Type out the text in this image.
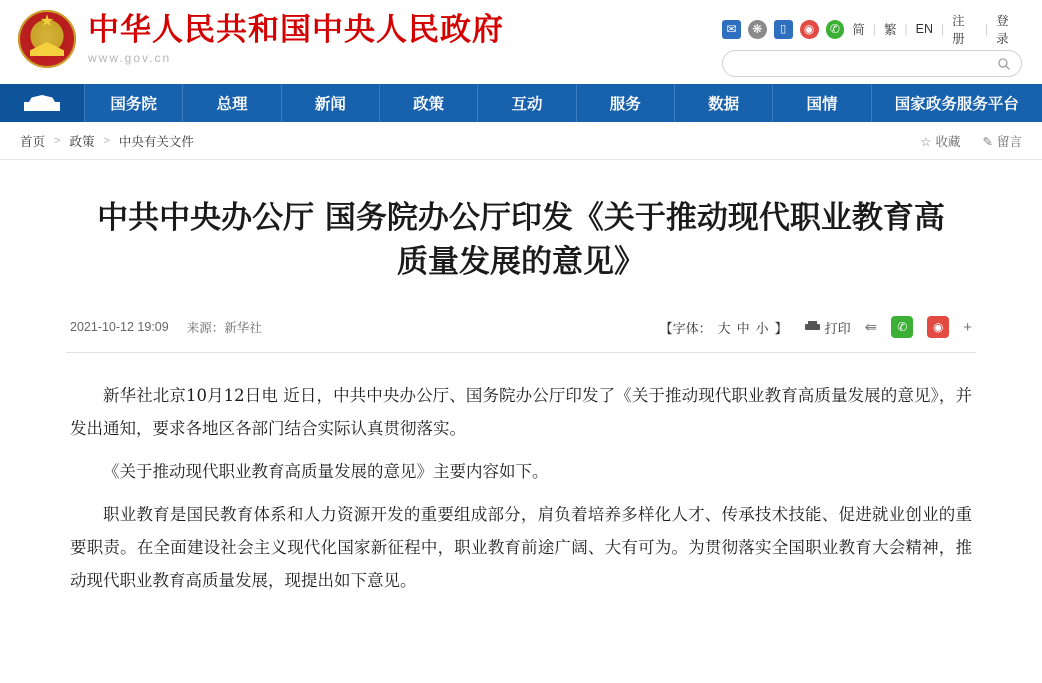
★
中华人民共和国中央人民政府
www.gov.cn
✉	❋	▯	◉	✆ 简 | 繁 | EN |
注册
|
登录
国务院	总理	新闻	政策	互动	服务	数据	国情	国家政务服务平台
首页 > 政策 > 中央有关文件	☆ 收藏 ✎ 留言
中共中央办公厅 国务院办公厅印发《关于推动现代职业教育高质量发展的意见》
2021-10-12 19:09 来源：新华社	【字体： 大 中 小 】	打印 ⇚	✆	◉	+

新华社北京10月12日电 近日，中共中央办公厅、国务院办公厅印发了《关于推动现代职业教育高质量发展的意见》，并发出通知，要求各地区各部门结合实际认真贯彻落实。

《关于推动现代职业教育高质量发展的意见》主要内容如下。

职业教育是国民教育体系和人力资源开发的重要组成部分，肩负着培养多样化人才、传承技术技能、促进就业创业的重要职责。在全面建设社会主义现代化国家新征程中，职业教育前途广阔、大有可为。为贯彻落实全国职业教育大会精神，推动现代职业教育高质量发展，现提出如下意见。
